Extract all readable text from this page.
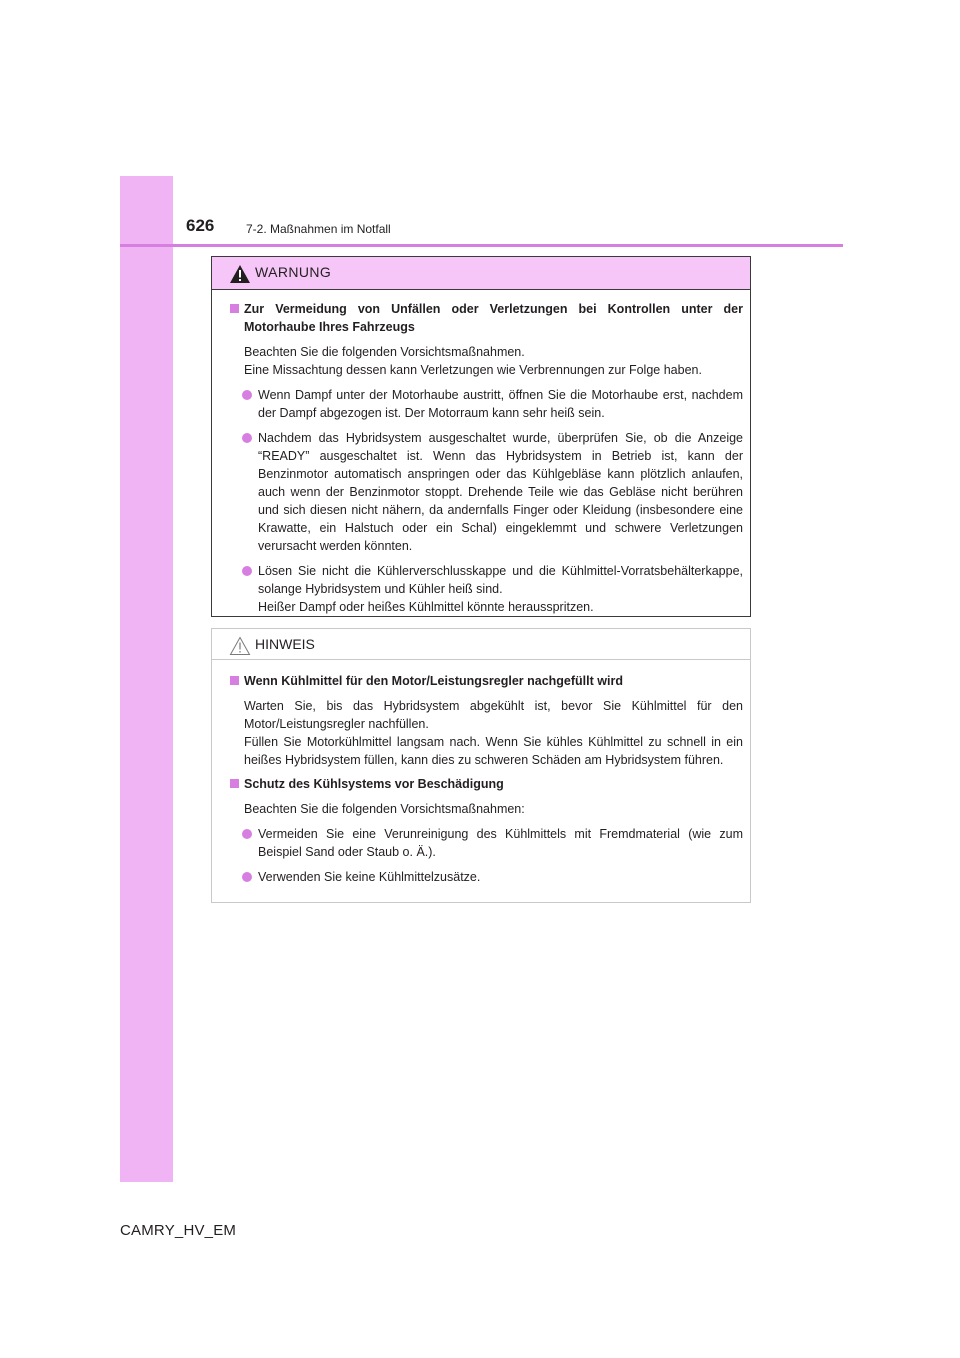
626	7-2. Maßnahmen im Notfall
WARNUNG
Zur Vermeidung von Unfällen oder Verletzungen bei Kontrollen unter der Motorhaube Ihres Fahrzeugs
Beachten Sie die folgenden Vorsichtsmaßnahmen.
Eine Missachtung dessen kann Verletzungen wie Verbrennungen zur Folge haben.
Wenn Dampf unter der Motorhaube austritt, öffnen Sie die Motorhaube erst, nachdem der Dampf abgezogen ist. Der Motorraum kann sehr heiß sein.
Nachdem das Hybridsystem ausgeschaltet wurde, überprüfen Sie, ob die Anzeige “READY” ausgeschaltet ist. Wenn das Hybridsystem in Betrieb ist, kann der Benzinmotor automatisch anspringen oder das Kühlgebläse kann plötzlich anlaufen, auch wenn der Benzinmotor stoppt. Drehende Teile wie das Gebläse nicht berühren und sich diesen nicht nähern, da andernfalls Finger oder Kleidung (insbesondere eine Krawatte, ein Halstuch oder ein Schal) eingeklemmt und schwere Verletzungen verursacht werden könnten.
Lösen Sie nicht die Kühlerverschlusskappe und die Kühlmittel-Vorratsbehälterkappe, solange Hybridsystem und Kühler heiß sind.
Heißer Dampf oder heißes Kühlmittel könnte herausspritzen.
HINWEIS
Wenn Kühlmittel für den Motor/Leistungsregler nachgefüllt wird
Warten Sie, bis das Hybridsystem abgekühlt ist, bevor Sie Kühlmittel für den Motor/Leistungsregler nachfüllen.
Füllen Sie Motorkühlmittel langsam nach. Wenn Sie kühles Kühlmittel zu schnell in ein heißes Hybridsystem füllen, kann dies zu schweren Schäden am Hybridsystem führen.
Schutz des Kühlsystems vor Beschädigung
Beachten Sie die folgenden Vorsichtsmaßnahmen:
Vermeiden Sie eine Verunreinigung des Kühlmittels mit Fremdmaterial (wie zum Beispiel Sand oder Staub o. Ä.).
Verwenden Sie keine Kühlmittelzusätze.
CAMRY_HV_EM
